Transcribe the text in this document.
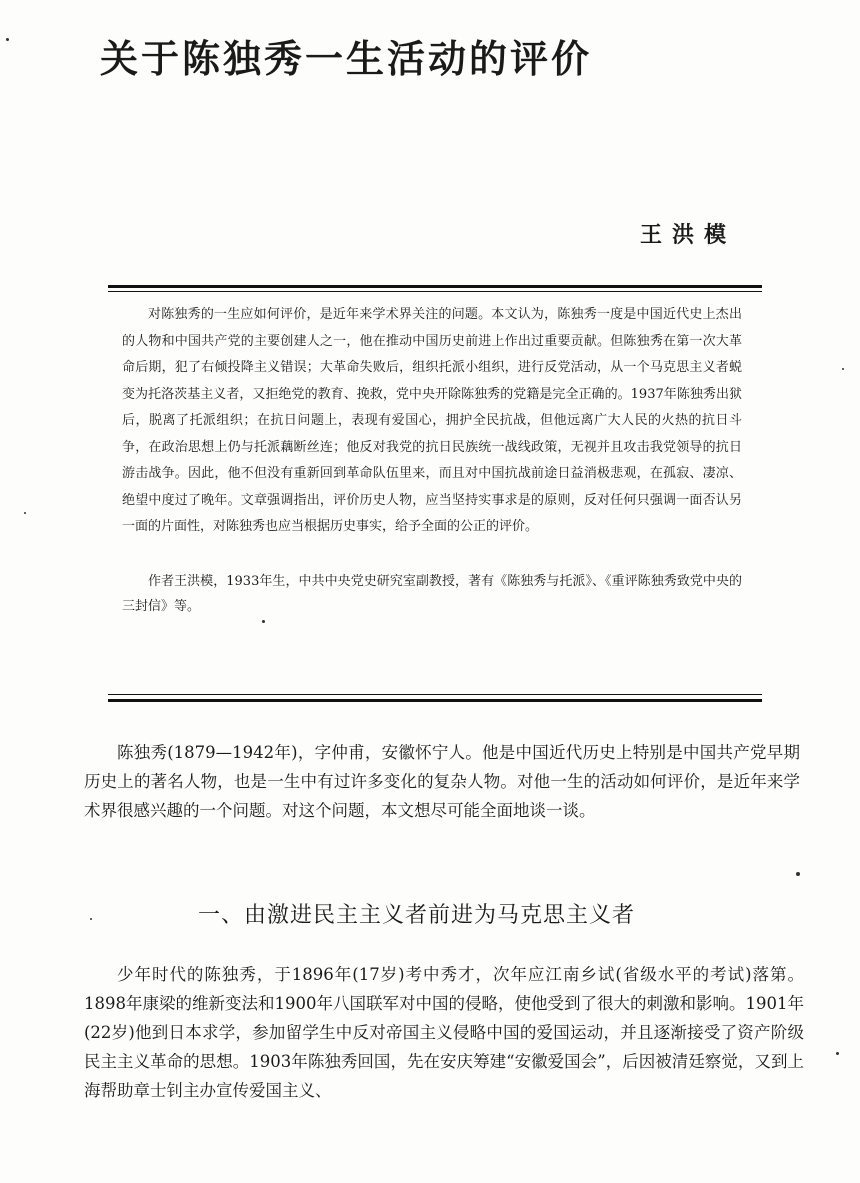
关于陈独秀一生活动的评价
王洪模

对陈独秀的一生应如何评价，是近年来学术界关注的问题。本文认为，陈独秀一度是中国近代史上杰出的人物和中国共产党的主要创建人之一，他在推动中国历史前进上作出过重要贡献。但陈独秀在第一次大革命后期，犯了右倾投降主义错误；大革命失败后，组织托派小组织，进行反党活动，从一个马克思主义者蜕变为托洛茨基主义者，又拒绝党的教育、挽救，党中央开除陈独秀的党籍是完全正确的。1937年陈独秀出狱后，脱离了托派组织；在抗日问题上，表现有爱国心，拥护全民抗战，但他远离广大人民的火热的抗日斗争，在政治思想上仍与托派藕断丝连；他反对我党的抗日民族统一战线政策，无视并且攻击我党领导的抗日游击战争。因此，他不但没有重新回到革命队伍里来，而且对中国抗战前途日益消极悲观，在孤寂、凄凉、绝望中度过了晚年。文章强调指出，评价历史人物，应当坚持实事求是的原则，反对任何只强调一面否认另一面的片面性，对陈独秀也应当根据历史事实，给予全面的公正的评价。

作者王洪模，1933年生，中共中央党史研究室副教授，著有《陈独秀与托派》、《重评陈独秀致党中央的三封信》等。

陈独秀(1879—1942年)，字仲甫，安徽怀宁人。他是中国近代历史上特别是中国共产党早期历史上的著名人物，也是一生中有过许多变化的复杂人物。对他一生的活动如何评价，是近年来学术界很感兴趣的一个问题。对这个问题，本文想尽可能全面地谈一谈。

一、由激进民主主义者前进为马克思主义者

少年时代的陈独秀，于1896年(17岁)考中秀才，次年应江南乡试(省级水平的考试)落第。1898年康梁的维新变法和1900年八国联军对中国的侵略，使他受到了很大的刺激和影响。1901年(22岁)他到日本求学，参加留学生中反对帝国主义侵略中国的爱国运动，并且逐渐接受了资产阶级民主主义革命的思想。1903年陈独秀回国，先在安庆筹建“安徽爱国会”，后因被清廷察觉，又到上海帮助章士钊主办宣传爱国主义、
